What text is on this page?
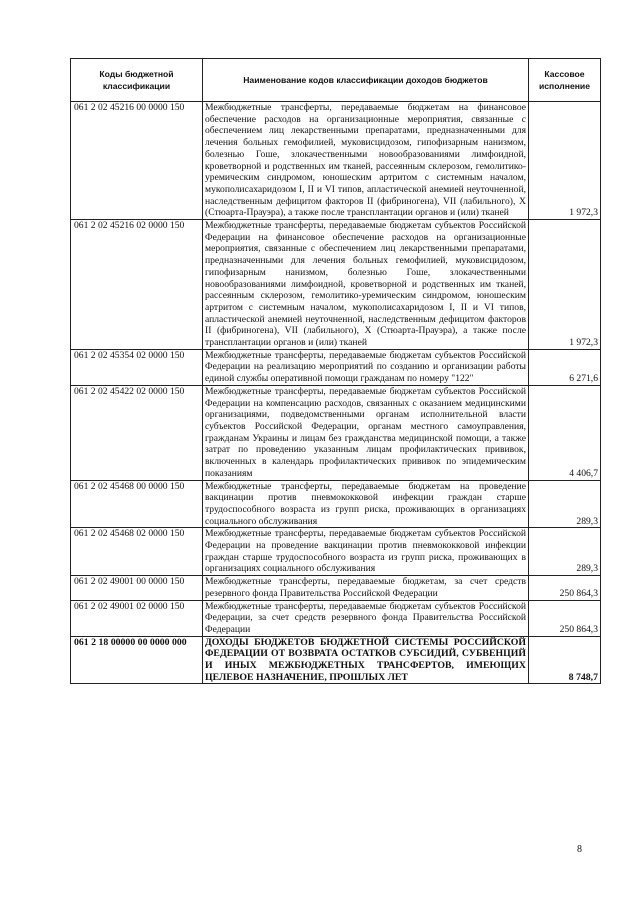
Коды бюджетной классификации	Наименование кодов классификации доходов бюджетов	Кассовое исполнение
061 2 02 45216 00 0000 150	Межбюджетные трансферты, передаваемые бюджетам на финансовое обеспечение расходов на организационные мероприятия, связанные с обеспечением лиц лекарственными препаратами, предназначенными для лечения больных гемофилией, муковисцидозом, гипофизарным нанизмом, болезнью Гоше, злокачественными новообразованиями лимфоидной, кроветворной и родственных им тканей, рассеянным склерозом, гемолитико-уремическим синдромом, юношеским артритом с системным началом, мукополисахаридозом I, II и VI типов, апластической анемией неуточненной, наследственным дефицитом факторов II (фибриногена), VII (лабильного), X (Стюарта-Прауэра), а также после трансплантации органов и (или) тканей	1 972,3
061 2 02 45216 02 0000 150	Межбюджетные трансферты, передаваемые бюджетам субъектов Российской Федерации на финансовое обеспечение расходов на организационные мероприятия, связанные с обеспечением лиц лекарственными препаратами, предназначенными для лечения больных гемофилией, муковисцидозом, гипофизарным нанизмом, болезнью Гоше, злокачественными новообразованиями лимфоидной, кроветворной и родственных им тканей, рассеянным склерозом, гемолитико-уремическим синдромом, юношеским артритом с системным началом, мукополисахаридозом I, II и VI типов, апластической анемией неуточненной, наследственным дефицитом факторов II (фибриногена), VII (лабильного), X (Стюарта-Прауэра), а также после трансплантации органов и (или) тканей	1 972,3
061 2 02 45354 02 0000 150	Межбюджетные трансферты, передаваемые бюджетам субъектов Российской Федерации на реализацию мероприятий по созданию и организации работы единой службы оперативной помощи гражданам по номеру "122"	6 271,6
061 2 02 45422 02 0000 150	Межбюджетные трансферты, передаваемые бюджетам субъектов Российской Федерации на компенсацию расходов, связанных с оказанием медицинскими организациями, подведомственными органам исполнительной власти субъектов Российской Федерации, органам местного самоуправления, гражданам Украины и лицам без гражданства медицинской помощи, а также затрат по проведению указанным лицам профилактических прививок, включенных в календарь профилактических прививок по эпидемическим показаниям	4 406,7
061 2 02 45468 00 0000 150	Межбюджетные трансферты, передаваемые бюджетам на проведение вакцинации против пневмококковой инфекции граждан старше трудоспособного возраста из групп риска, проживающих в организациях социального обслуживания	289,3
061 2 02 45468 02 0000 150	Межбюджетные трансферты, передаваемые бюджетам субъектов Российской Федерации на проведение вакцинации против пневмококковой инфекции граждан старше трудоспособного возраста из групп риска, проживающих в организациях социального обслуживания	289,3
061 2 02 49001 00 0000 150	Межбюджетные трансферты, передаваемые бюджетам, за счет средств резервного фонда Правительства Российской Федерации	250 864,3
061 2 02 49001 02 0000 150	Межбюджетные трансферты, передаваемые бюджетам субъектов Российской Федерации, за счет средств резервного фонда Правительства Российской Федерации	250 864,3
061 2 18 00000 00 0000 000	ДОХОДЫ БЮДЖЕТОВ БЮДЖЕТНОЙ СИСТЕМЫ РОССИЙСКОЙ ФЕДЕРАЦИИ ОТ ВОЗВРАТА ОСТАТКОВ СУБСИДИЙ, СУБВЕНЦИЙ И ИНЫХ МЕЖБЮДЖЕТНЫХ ТРАНСФЕРТОВ, ИМЕЮЩИХ ЦЕЛЕВОЕ НАЗНАЧЕНИЕ, ПРОШЛЫХ ЛЕТ	8 748,7
8
